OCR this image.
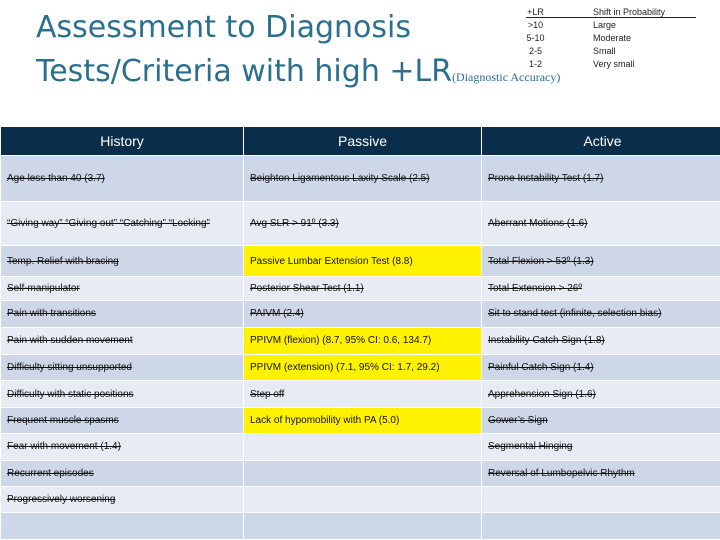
Assessment to Diagnosis
Tests/Criteria with high +LR(Diagnostic Accuracy)
+LR	Shift in Probability
>10	Large
5-10	Moderate
2-5	Small
1-2	Very small
History	Passive	Active
Age less than 40 (3.7)	Beighton Ligamentous Laxity Scale (2.5)	Prone Instability Test (1.7)
“Giving way” “Giving out” “Catching” “Locking”	Avg SLR > 91º (3.3)	Aberrant Motions (1.6)
Temp. Relief with bracing	Passive Lumbar Extension Test (8.8)	Total Flexion > 53º (1.3)
Self-manipulator	Posterior Shear Test (1.1)	Total Extension > 26º
Pain with transitions	PAIVM (2.4)	Sit to stand test (infinite, selection bias)
Pain with sudden movement	PPIVM (flexion) (8.7, 95% CI: 0.6, 134.7)	Instability Catch Sign (1.8)
Difficulty sitting unsupported	PPIVM (extension) (7.1, 95% CI: 1.7, 29.2)	Painful Catch Sign (1.4)
Difficulty with static positions	Step off	Apprehension Sign (1.6)
Frequent muscle spasms	Lack of hypomobility with PA (5.0)	Gower’s Sign
Fear with movement (1.4)		Segmental Hinging
Recurrent episodes		Reversal of Lumbopelvic Rhythm
Progressively worsening		
